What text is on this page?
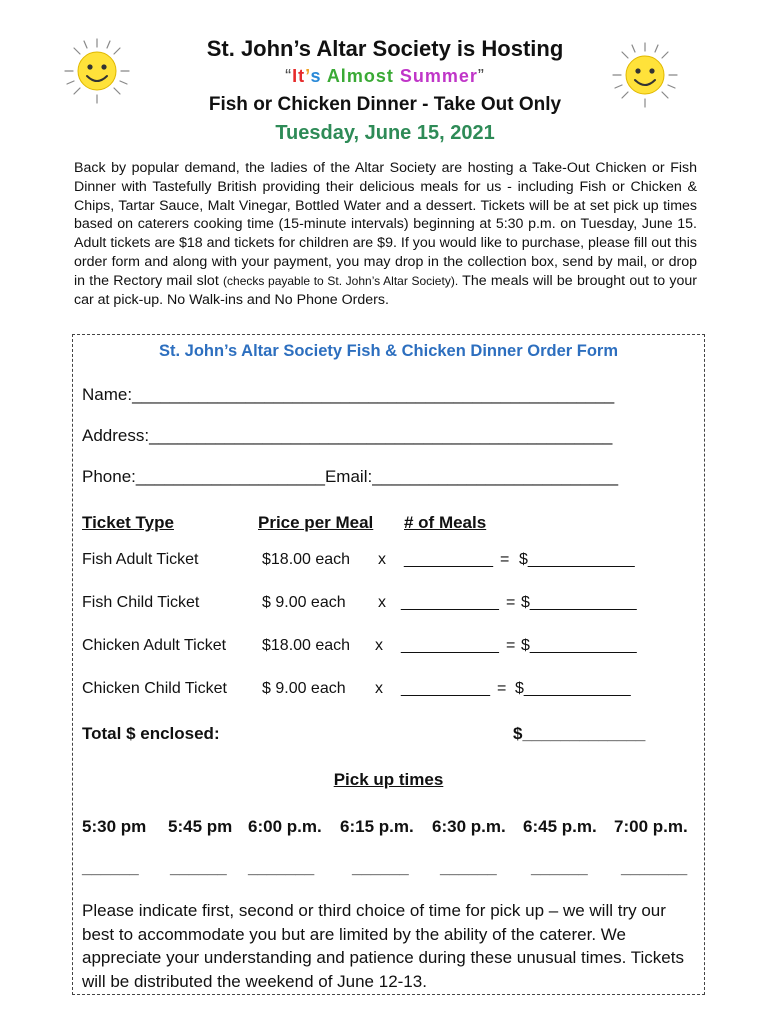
St. John’s Altar Society is Hosting
“It’s Almost Summer”
Fish or Chicken Dinner - Take Out Only
Tuesday, June 15, 2021
Back by popular demand, the ladies of the Altar Society are hosting a Take-Out Chicken or Fish Dinner with Tastefully British providing their delicious meals for us - including Fish or Chicken & Chips, Tartar Sauce, Malt Vinegar, Bottled Water and a dessert. Tickets will be at set pick up times based on caterers cooking time (15-minute intervals) beginning at 5:30 p.m. on Tuesday, June 15. Adult tickets are $18 and tickets for children are $9. If you would like to purchase, please fill out this order form and along with your payment, you may drop in the collection box, send by mail, or drop in the Rectory mail slot (checks payable to St. John’s Altar Society). The meals will be brought out to your car at pick-up. No Walk-ins and No Phone Orders.
St. John’s Altar Society Fish & Chicken Dinner Order Form
Name:___________________________________________________
Address:_________________________________________________
Phone:____________________Email:__________________________
Ticket Type	Price per Meal # of Meals
Fish Adult Ticket	$18.00 each x __________ = $____________
Fish Child Ticket	$ 9.00 each x ___________ = $____________
Chicken Adult Ticket $18.00 each x ___________ = $____________
Chicken Child Ticket $ 9.00 each x __________ = $____________
Total $ enclosed:	$_____________
Pick up times
5:30 pm 5:45 pm 6:00 p.m. 6:15 p.m. 6:30 p.m. 6:45 p.m. 7:00 p.m.
______ ______ _______ ______ ______ ______ _______
Please indicate first, second or third choice of time for pick up – we will try our best to accommodate you but are limited by the ability of the caterer. We appreciate your understanding and patience during these unusual times. Tickets will be distributed the weekend of June 12-13.
